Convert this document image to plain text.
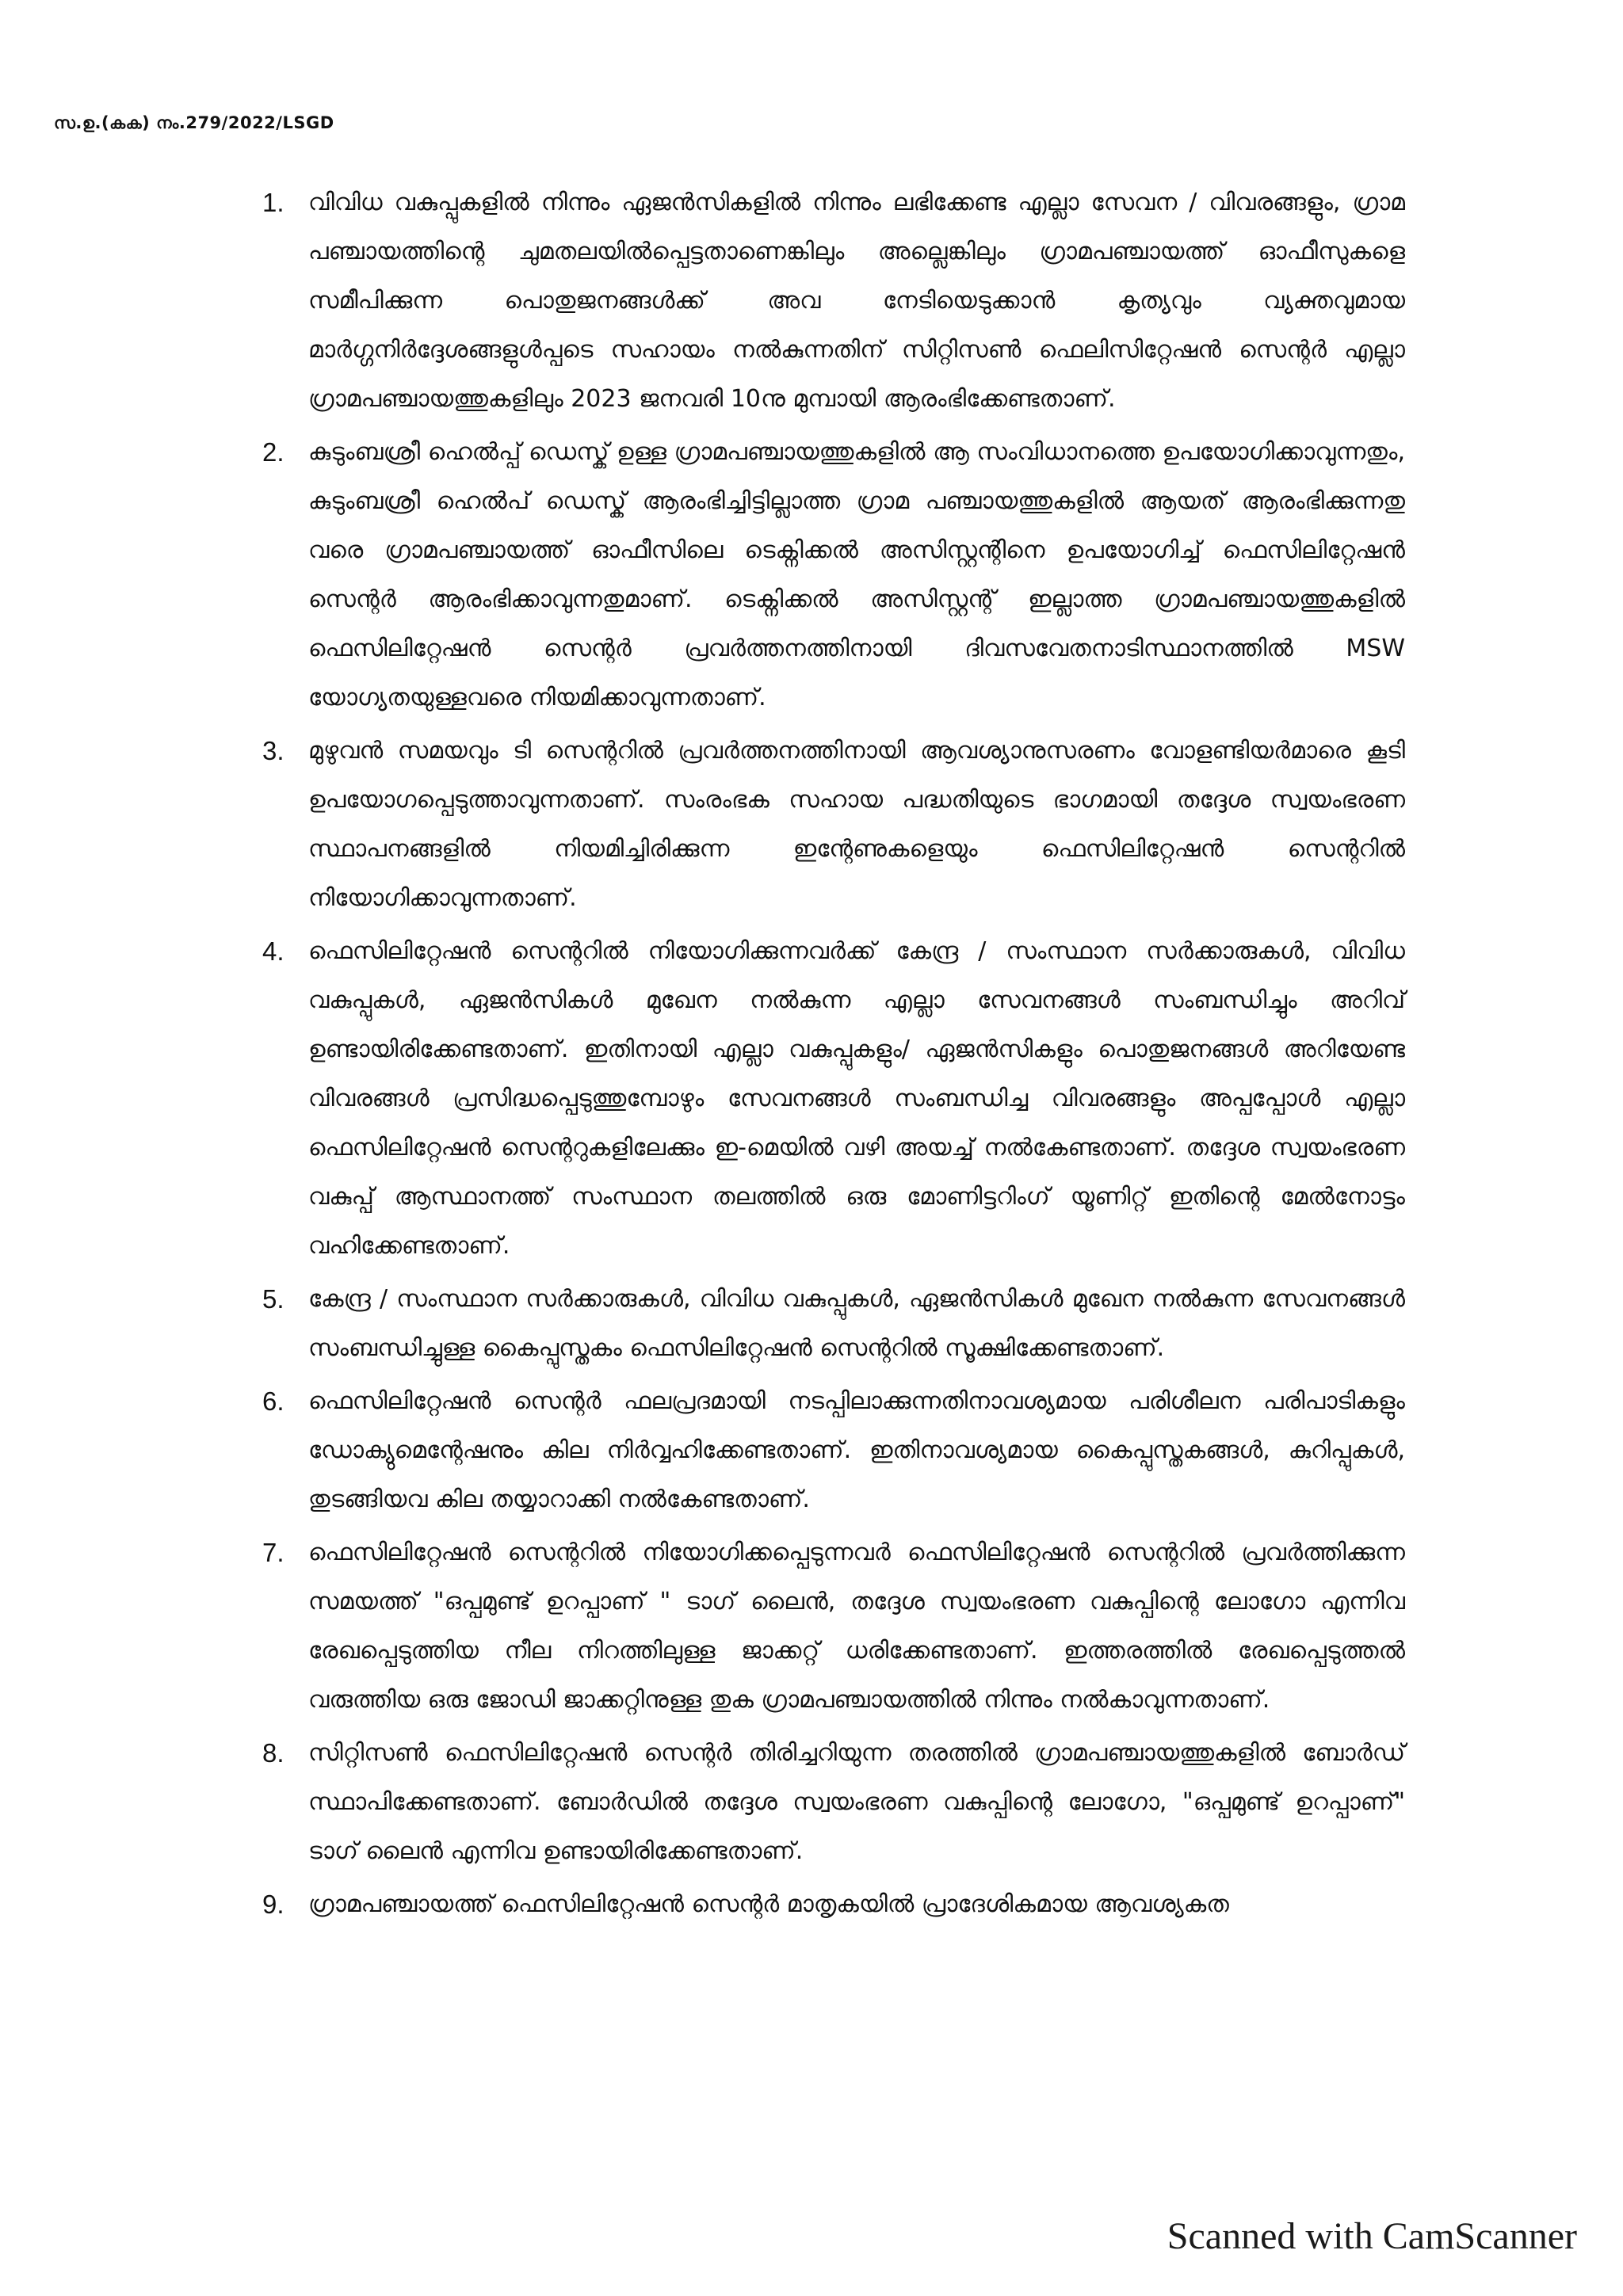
സ.ഉ.(കക) നം.279/2022/LSGD

1. വിവിധ വകുപ്പുകളിൽ നിന്നും ഏജൻസികളിൽ നിന്നും ലഭിക്കേണ്ട എല്ലാ സേവന / വിവരങ്ങളും, ഗ്രാമ പഞ്ചായത്തിന്റെ ചുമതലയിൽപ്പെട്ടതാണെങ്കിലും അല്ലെങ്കിലും ഗ്രാമപഞ്ചായത്ത് ഓഫീസുകളെ സമീപിക്കുന്ന പൊതുജനങ്ങൾക്ക് അവ നേടിയെടുക്കാൻ കൃത്യവും വ്യക്തവുമായ മാർഗ്ഗനിർദ്ദേശങ്ങളുൾപ്പടെ സഹായം നൽകുന്നതിന് സിറ്റിസൺ ഫെലിസിറ്റേഷൻ സെന്റർ എല്ലാ ഗ്രാമപഞ്ചായത്തുകളിലും 2023 ജനവരി 10നു മുമ്പായി ആരംഭിക്കേണ്ടതാണ്.
2. കുടുംബശ്രീ ഹെൽപ്പ് ഡെസ്ക് ഉള്ള ഗ്രാമപഞ്ചായത്തുകളിൽ ആ സംവിധാനത്തെ ഉപയോഗിക്കാവുന്നതും, കുടുംബശ്രീ ഹെൽപ് ഡെസ്ക് ആരംഭിച്ചിട്ടില്ലാത്ത ഗ്രാമ പഞ്ചായത്തുകളിൽ ആയത് ആരംഭിക്കുന്നതു വരെ ഗ്രാമപഞ്ചായത്ത് ഓഫീസിലെ ടെക്നിക്കൽ അസിസ്റ്റന്റിനെ ഉപയോഗിച്ച് ഫെസിലിറ്റേഷൻ സെന്റർ ആരംഭിക്കാവുന്നതുമാണ്. ടെക്നിക്കൽ അസിസ്റ്റന്റ് ഇല്ലാത്ത ഗ്രാമപഞ്ചായത്തുകളിൽ ഫെസിലിറ്റേഷൻ സെന്റർ പ്രവർത്തനത്തിനായി ദിവസവേതനാടിസ്ഥാനത്തിൽ MSW യോഗ്യതയുള്ളവരെ നിയമിക്കാവുന്നതാണ്.
3. മുഴുവൻ സമയവും ടി സെന്ററിൽ പ്രവർത്തനത്തിനായി ആവശ്യാനുസരണം വോളണ്ടിയർമാരെ കൂടി ഉപയോഗപ്പെടുത്താവുന്നതാണ്. സംരംഭക സഹായ പദ്ധതിയുടെ ഭാഗമായി തദ്ദേശ സ്വയംഭരണ സ്ഥാപനങ്ങളിൽ നിയമിച്ചിരിക്കുന്ന ഇന്റേണുകളെയും ഫെസിലിറ്റേഷൻ സെന്ററിൽ നിയോഗിക്കാവുന്നതാണ്.
4. ഫെസിലിറ്റേഷൻ സെന്ററിൽ നിയോഗിക്കുന്നവർക്ക് കേന്ദ്ര / സംസ്ഥാന സർക്കാരുകൾ, വിവിധ വകുപ്പുകൾ, ഏജൻസികൾ മുഖേന നൽകുന്ന എല്ലാ സേവനങ്ങൾ സംബന്ധിച്ചും അറിവ് ഉണ്ടായിരിക്കേണ്ടതാണ്. ഇതിനായി എല്ലാ വകുപ്പുകളും/ ഏജൻസികളും പൊതുജനങ്ങൾ അറിയേണ്ട വിവരങ്ങൾ പ്രസിദ്ധപ്പെടുത്തുമ്പോഴും സേവനങ്ങൾ സംബന്ധിച്ച വിവരങ്ങളും അപ്പപ്പോൾ എല്ലാ ഫെസിലിറ്റേഷൻ സെന്ററുകളിലേക്കും ഇ-മെയിൽ വഴി അയച്ച് നൽകേണ്ടതാണ്. തദ്ദേശ സ്വയംഭരണ വകുപ്പ് ആസ്ഥാനത്ത് സംസ്ഥാന തലത്തിൽ ഒരു മോണിട്ടറിംഗ് യൂണിറ്റ് ഇതിന്റെ മേൽനോട്ടം വഹിക്കേണ്ടതാണ്.
5. കേന്ദ്ര / സംസ്ഥാന സർക്കാരുകൾ, വിവിധ വകുപ്പുകൾ, ഏജൻസികൾ മുഖേന നൽകുന്ന സേവനങ്ങൾ സംബന്ധിച്ചുള്ള കൈപ്പുസ്തകം ഫെസിലിറ്റേഷൻ സെന്ററിൽ സൂക്ഷിക്കേണ്ടതാണ്.
6. ഫെസിലിറ്റേഷൻ സെന്റർ ഫലപ്രദമായി നടപ്പിലാക്കുന്നതിനാവശ്യമായ പരിശീലന പരിപാടികളും ഡോക്യുമെന്റേഷനും കില നിർവ്വഹിക്കേണ്ടതാണ്. ഇതിനാവശ്യമായ കൈപ്പുസ്തകങ്ങൾ, കുറിപ്പുകൾ, തുടങ്ങിയവ കില തയ്യാറാക്കി നൽകേണ്ടതാണ്.
7. ഫെസിലിറ്റേഷൻ സെന്ററിൽ നിയോഗിക്കപ്പെടുന്നവർ ഫെസിലിറ്റേഷൻ സെന്ററിൽ പ്രവർത്തിക്കുന്ന സമയത്ത് "ഒപ്പമുണ്ട് ഉറപ്പാണ് " ടാഗ് ലൈൻ, തദ്ദേശ സ്വയംഭരണ വകുപ്പിന്റെ ലോഗോ എന്നിവ രേഖപ്പെടുത്തിയ നീല നിറത്തിലുള്ള ജാക്കറ്റ് ധരിക്കേണ്ടതാണ്. ഇത്തരത്തിൽ രേഖപ്പെടുത്തൽ വരുത്തിയ ഒരു ജോഡി ജാക്കറ്റിനുള്ള തുക ഗ്രാമപഞ്ചായത്തിൽ നിന്നും നൽകാവുന്നതാണ്.
8. സിറ്റിസൺ ഫെസിലിറ്റേഷൻ സെന്റർ തിരിച്ചറിയുന്ന തരത്തിൽ ഗ്രാമപഞ്ചായത്തുകളിൽ ബോർഡ് സ്ഥാപിക്കേണ്ടതാണ്. ബോർഡിൽ തദ്ദേശ സ്വയംഭരണ വകുപ്പിന്റെ ലോഗോ, "ഒപ്പമുണ്ട് ഉറപ്പാണ്" ടാഗ് ലൈൻ എന്നിവ ഉണ്ടായിരിക്കേണ്ടതാണ്.
9. ഗ്രാമപഞ്ചായത്ത് ഫെസിലിറ്റേഷൻ സെന്റർ മാതൃകയിൽ പ്രാദേശികമായ ആവശ്യകത

Scanned with CamScanner
